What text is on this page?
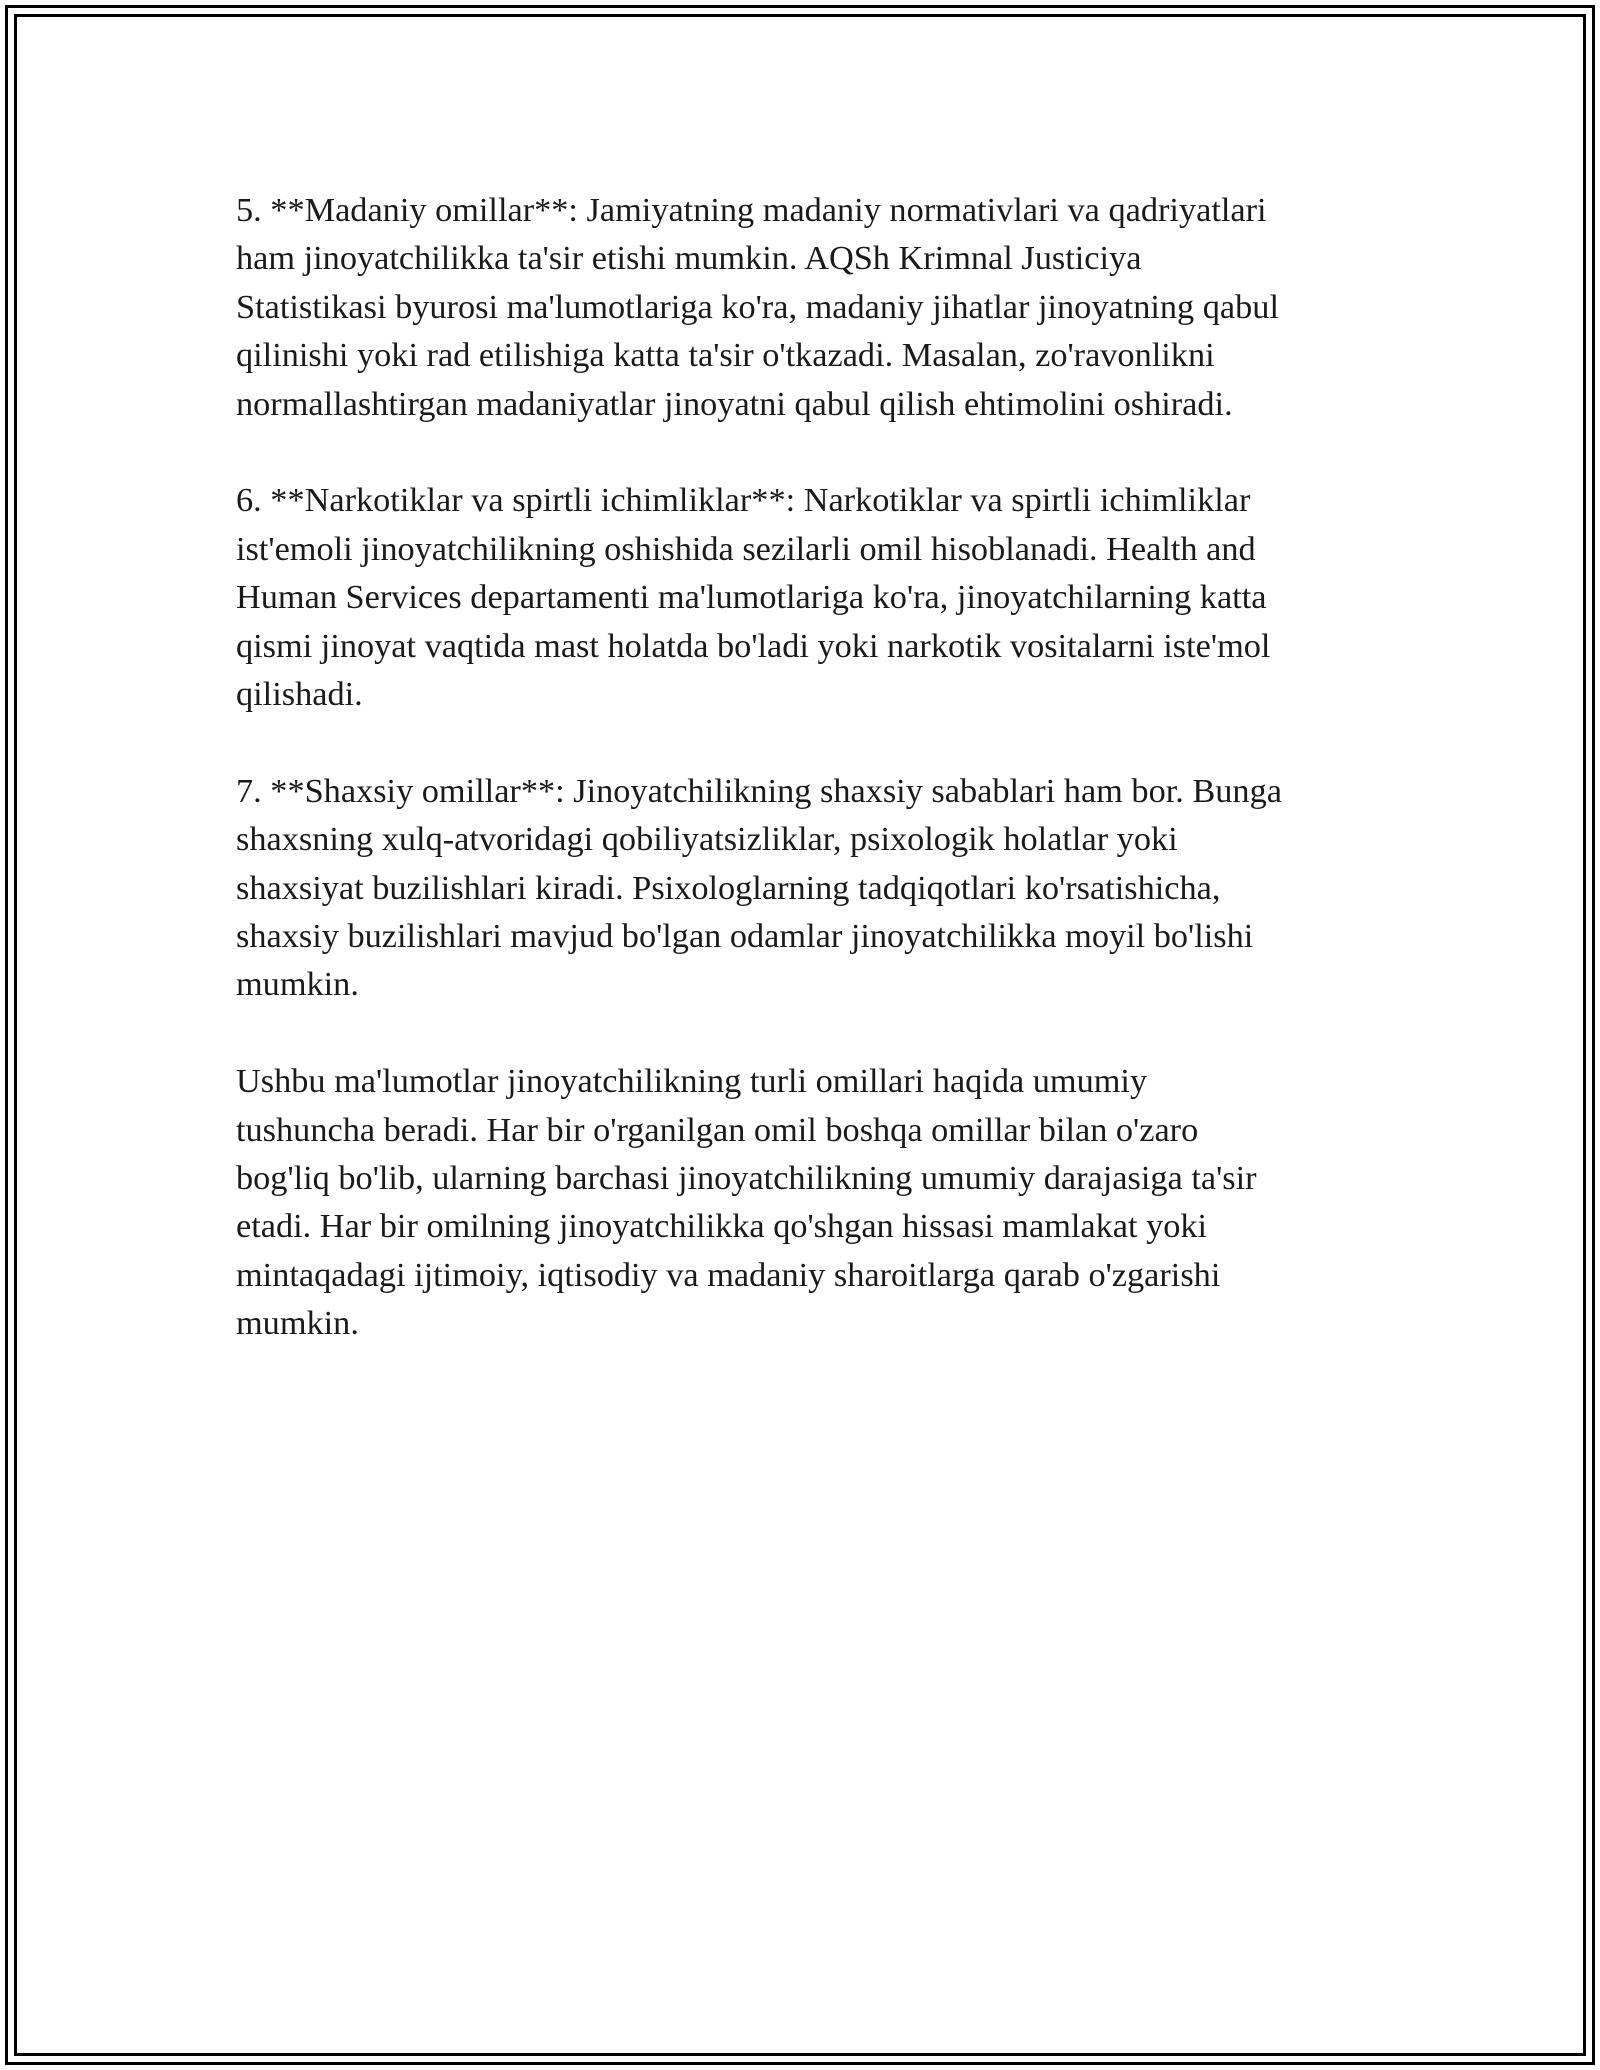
5. **Madaniy omillar**: Jamiyatning madaniy normativlari va qadriyatlari
ham jinoyatchilikka ta'sir etishi mumkin. AQSh Krimnal Justiciya
Statistikasi byurosi ma'lumotlariga ko'ra, madaniy jihatlar jinoyatning qabul
qilinishi yoki rad etilishiga katta ta'sir o'tkazadi. Masalan, zo'ravonlikni
normallashtirgan madaniyatlar jinoyatni qabul qilish ehtimolini oshiradi.

6. **Narkotiklar va spirtli ichimliklar**: Narkotiklar va spirtli ichimliklar
ist'emoli jinoyatchilikning oshishida sezilarli omil hisoblanadi. Health and
Human Services departamenti ma'lumotlariga ko'ra, jinoyatchilarning katta
qismi jinoyat vaqtida mast holatda bo'ladi yoki narkotik vositalarni iste'mol
qilishadi.

7. **Shaxsiy omillar**: Jinoyatchilikning shaxsiy sabablari ham bor. Bunga
shaxsning xulq-atvoridagi qobiliyatsizliklar, psixologik holatlar yoki
shaxsiyat buzilishlari kiradi. Psixologlarning tadqiqotlari ko'rsatishicha,
shaxsiy buzilishlari mavjud bo'lgan odamlar jinoyatchilikka moyil bo'lishi
mumkin.

Ushbu ma'lumotlar jinoyatchilikning turli omillari haqida umumiy
tushuncha beradi. Har bir o'rganilgan omil boshqa omillar bilan o'zaro
bog'liq bo'lib, ularning barchasi jinoyatchilikning umumiy darajasiga ta'sir
etadi. Har bir omilning jinoyatchilikka qo'shgan hissasi mamlakat yoki
mintaqadagi ijtimoiy, iqtisodiy va madaniy sharoitlarga qarab o'zgarishi
mumkin.
